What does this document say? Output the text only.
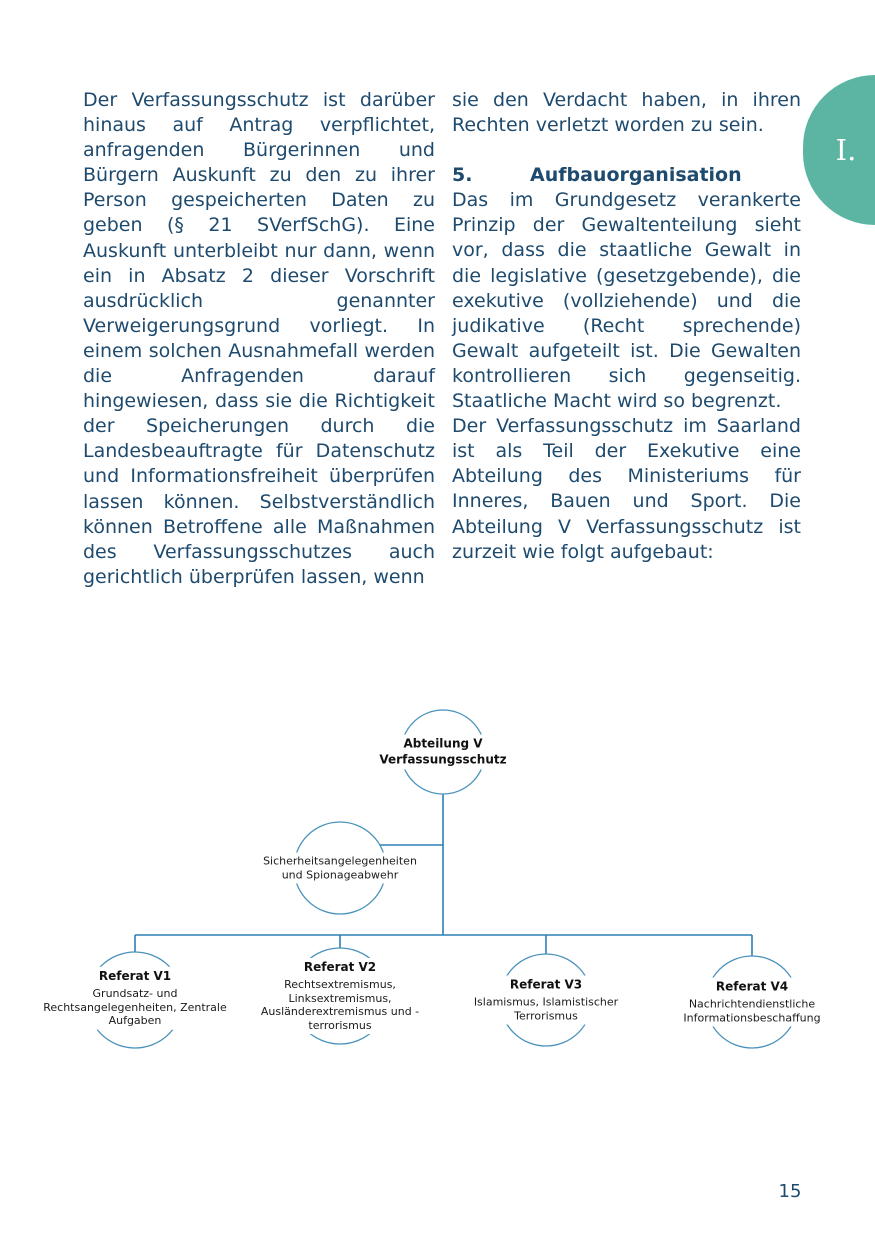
I.

Der Verfassungsschutz ist darüber hinaus auf Antrag verpflichtet, anfragenden Bürgerinnen und Bürgern Auskunft zu den zu ihrer Person gespeicherten Daten zu geben (§ 21 SVerfSchG). Eine Auskunft unterbleibt nur dann, wenn ein in Absatz 2 dieser Vorschrift ausdrücklich genannter Verweigerungsgrund vorliegt. In einem solchen Ausnahmefall werden die Anfragenden darauf hingewiesen, dass sie die Richtigkeit der Speicherungen durch die Landesbeauftragte für Datenschutz und Informationsfreiheit überprüfen lassen können. Selbstverständlich können Betroffene alle Maßnahmen des Verfassungsschutzes auch gerichtlich überprüfen lassen, wenn

sie den Verdacht haben, in ihren Rechten verletzt worden zu sein.

5.	Aufbauorganisation

Das im Grundgesetz verankerte Prinzip der Gewaltenteilung sieht vor, dass die staatliche Gewalt in die legislative (gesetzgebende), die exekutive (vollziehende) und die judikative (Recht sprechende) Gewalt aufgeteilt ist. Die Gewalten kontrollieren sich gegenseitig. Staatliche Macht wird so begrenzt.

Der Verfassungsschutz im Saarland ist als Teil der Exekutive eine Abteilung des Ministeriums für Inneres, Bauen und Sport. Die Abteilung V Verfassungsschutz ist zurzeit wie folgt aufgebaut:

Abteilung V
Verfassungsschutz
Sicherheitsangelegenheiten und Spionageabwehr
Referat V1
Grundsatz- und Rechtsangelegenheiten, Zentrale Aufgaben
Referat V2
Rechtsextremismus, Linksextremismus, Ausländerextremismus und - terrorismus
Referat V3
Islamismus, Islamistischer Terrorismus
Referat V4
Nachrichtendienstliche Informationsbeschaffung
15
